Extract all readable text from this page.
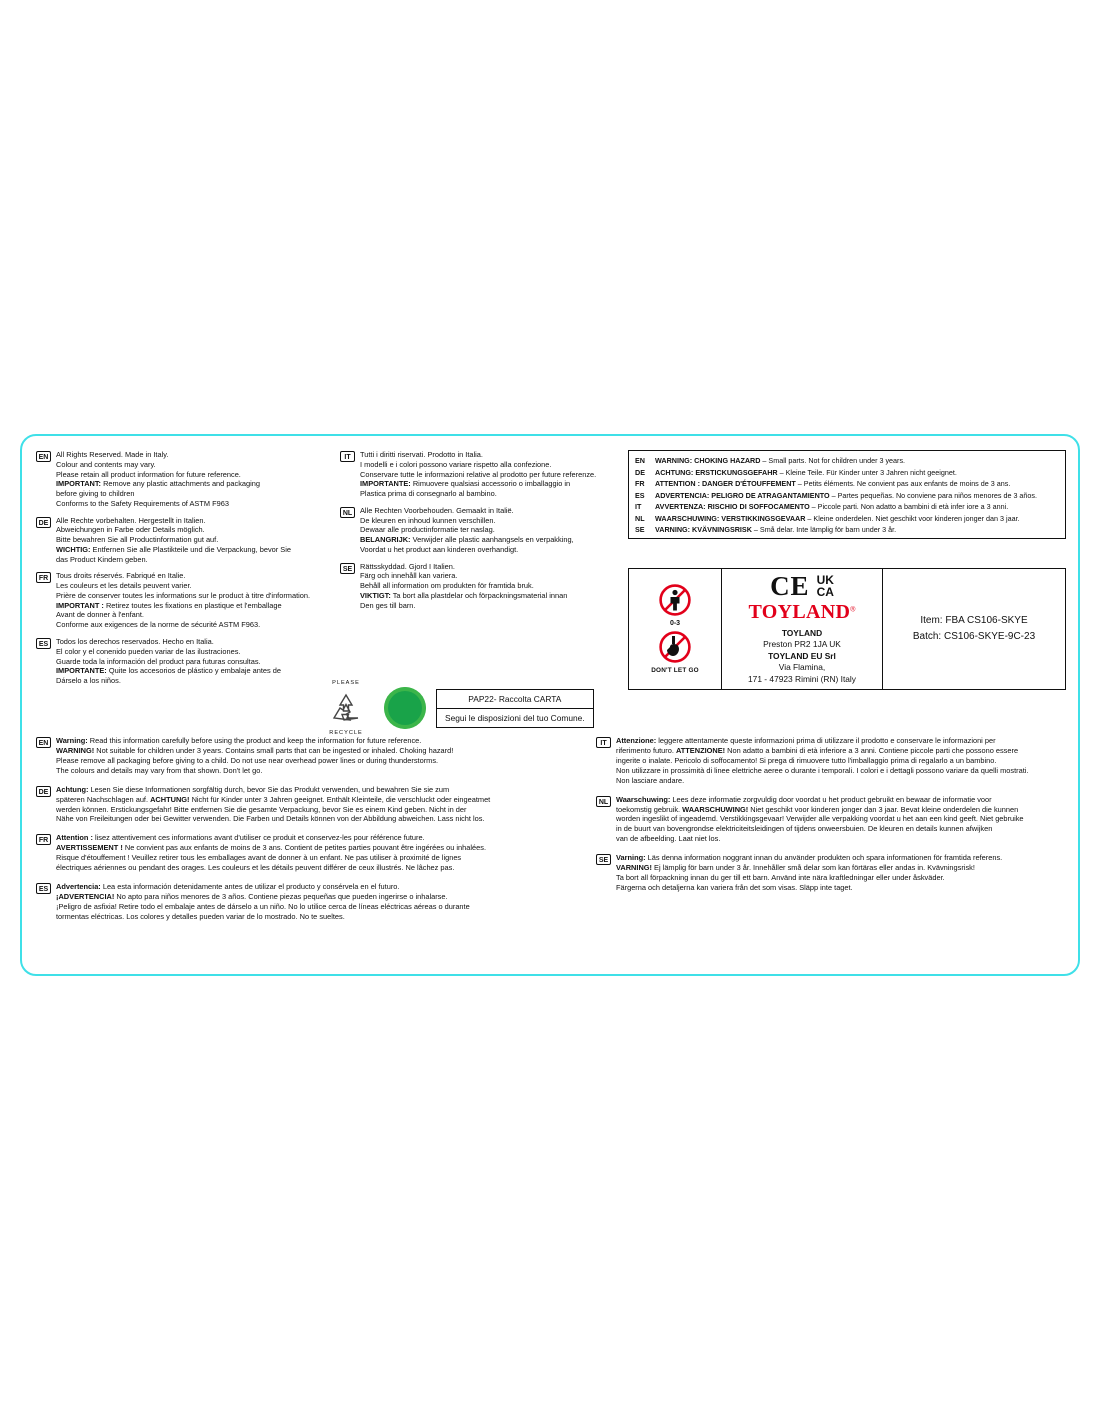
EN	All Rights Reserved. Made in Italy.
Colour and contents may vary.
Please retain all product information for future reference.
IMPORTANT: Remove any plastic attachments and packaging
before giving to children
Conforms to the Safety Requirements of ASTM F963
DE	Alle Rechte vorbehalten. Hergestellt in Italien.
Abweichungen in Farbe oder Details möglich.
Bitte bewahren Sie all Productinformation gut auf.
WICHTIG: Entfernen Sie alle Plastikteile und die Verpackung, bevor Sie
das Product Kindern geben.
FR	Tous droits réservés. Fabriqué en Italie.
Les couleurs et les details peuvent varier.
Prière de conserver toutes les informations sur le product à titre d'information.
IMPORTANT : Retirez toutes les fixations en plastique et l'emballage
Avant de donner à l'enfant.
Conforme aux exigences de la norme de sécurité ASTM F963.
ES	Todos los derechos reservados. Hecho en Italia.
El color y el conenido pueden variar de las ilustraciones.
Guarde toda la información del product para futuras consultas.
IMPORTANTE: Quite los accesorios de plástico y embalaje antes de
Dárselo a los niños.
IT	Tutti i diritti riservati. Prodotto in Italia.
I modelli e i colori possono variare rispetto alla confezione.
Conservare tutte le informazioni relative al prodotto per future referenze.
IMPORTANTE: Rimuovere qualsiasi accessorio o imballaggio in
Plastica prima di consegnarlo al bambino.
NL	Alle Rechten Voorbehouden. Gemaakt in Italië.
De kleuren en inhoud kunnen verschillen.
Dewaar alle productinformatie ter naslag.
BELANGRIJK: Verwijder alle plastic aanhangsels en verpakking,
Voordat u het product aan kinderen overhandigt.
SE	Rättsskyddad. Gjord I Italien.
Färg och innehåll kan variera.
Behåll all information om produkten för framtida bruk.
VIKTIGT: Ta bort alla plastdelar och förpackningsmaterial innan
Den ges till barn.
EN	WARNING: CHOKING HAZARD – Small parts. Not for children under 3 years.
DE	ACHTUNG: ERSTICKUNGSGEFAHR – Kleine Teile. Für Kinder unter 3 Jahren nicht geeignet.
FR	ATTENTION : DANGER D'ÉTOUFFEMENT – Petits éléments. Ne convient pas aux enfants de moins de 3 ans.
ES	ADVERTENCIA: PELIGRO DE ATRAGANTAMIENTO – Partes pequeñas. No conviene para niños menores de 3 años.
IT	AVVERTENZA: RISCHIO DI SOFFOCAMENTO – Piccole parti. Non adatto a bambini di età infer iore a 3 anni.
NL	WAARSCHUWING: VERSTIKKINGSGEVAAR – Kleine onderdelen. Niet geschikt voor kinderen jonger dan 3 jaar.
SE	VARNING: KVÄVNINGSRISK – Små delar. Inte lämplig för barn under 3 år.
0-3
DON'T LET GO
CE UK
CA
TOYLAND®
TOYLAND
Preston PR2 1JA UK
TOYLAND EU Srl
Via Flamina,
171 - 47923 Rimini (RN) Italy
Item: FBA CS106-SKYE
Batch: CS106-SKYE-9C-23
PLEASE
RECYCLE
PAP22- Raccolta CARTA
Segui le disposizioni del tuo Comune.
EN	Warning: Read this information carefully before using the product and keep the information for future reference.
WARNING! Not suitable for children under 3 years. Contains small parts that can be ingested or inhaled. Choking hazard!
Please remove all packaging before giving to a child. Do not use near overhead power lines or during thunderstorms.
The colours and details may vary from that shown. Don't let go.
DE	Achtung: Lesen Sie diese Informationen sorgfältig durch, bevor Sie das Produkt verwenden, und bewahren Sie sie zum
späteren Nachschlagen auf. ACHTUNG! Nicht für Kinder unter 3 Jahren geeignet. Enthält Kleinteile, die verschluckt oder eingeatmet
werden können. Erstickungsgefahr! Bitte entfernen Sie die gesamte Verpackung, bevor Sie es einem Kind geben. Nicht in der
Nähe von Freileitungen oder bei Gewitter verwenden. Die Farben und Details können von der Abbildung abweichen. Lass nicht los.
FR	Attention : lisez attentivement ces informations avant d'utiliser ce produit et conservez-les pour référence future.
AVERTISSEMENT ! Ne convient pas aux enfants de moins de 3 ans. Contient de petites parties pouvant être ingérées ou inhalées.
Risque d'étouffement ! Veuillez retirer tous les emballages avant de donner à un enfant. Ne pas utiliser à proximité de lignes
électriques aériennes ou pendant des orages. Les couleurs et les détails peuvent différer de ceux illustrés. Ne lâchez pas.
ES	Advertencia: Lea esta información detenidamente antes de utilizar el producto y consérvela en el futuro.
¡ADVERTENCIA! No apto para niños menores de 3 años. Contiene piezas pequeñas que pueden ingerirse o inhalarse.
¡Peligro de asfixia! Retire todo el embalaje antes de dárselo a un niño. No lo utilice cerca de líneas eléctricas aéreas o durante
tormentas eléctricas. Los colores y detalles pueden variar de lo mostrado. No te sueltes.
IT	Attenzione: leggere attentamente queste informazioni prima di utilizzare il prodotto e conservare le informazioni per
riferimento futuro. ATTENZIONE! Non adatto a bambini di età inferiore a 3 anni. Contiene piccole parti che possono essere
ingerite o inalate. Pericolo di soffocamento! Si prega di rimuovere tutto l'imballaggio prima di regalarlo a un bambino.
Non utilizzare in prossimità di linee elettriche aeree o durante i temporali. I colori e i dettagli possono variare da quelli mostrati.
Non lasciare andare.
NL	Waarschuwing: Lees deze informatie zorgvuldig door voordat u het product gebruikt en bewaar de informatie voor
toekomstig gebruik. WAARSCHUWING! Niet geschikt voor kinderen jonger dan 3 jaar. Bevat kleine onderdelen die kunnen
worden ingeslikt of ingeademd. Verstikkingsgevaar! Verwijder alle verpakking voordat u het aan een kind geeft. Niet gebruike
in de buurt van bovengrondse elektriciteitsleidingen of tijdens onweersbuien. De kleuren en details kunnen afwijken
van de afbeelding. Laat niet los.
SE	Varning: Läs denna information noggrant innan du använder produkten och spara informationen för framtida referens.
VARNING! Ej lämplig för barn under 3 år. Innehåller små delar som kan förtäras eller andas in. Kvävningsrisk!
Ta bort all förpackning innan du ger till ett barn. Använd inte nära kraftledningar eller under åskväder.
Färgerna och detaljerna kan variera från det som visas. Släpp inte taget.
